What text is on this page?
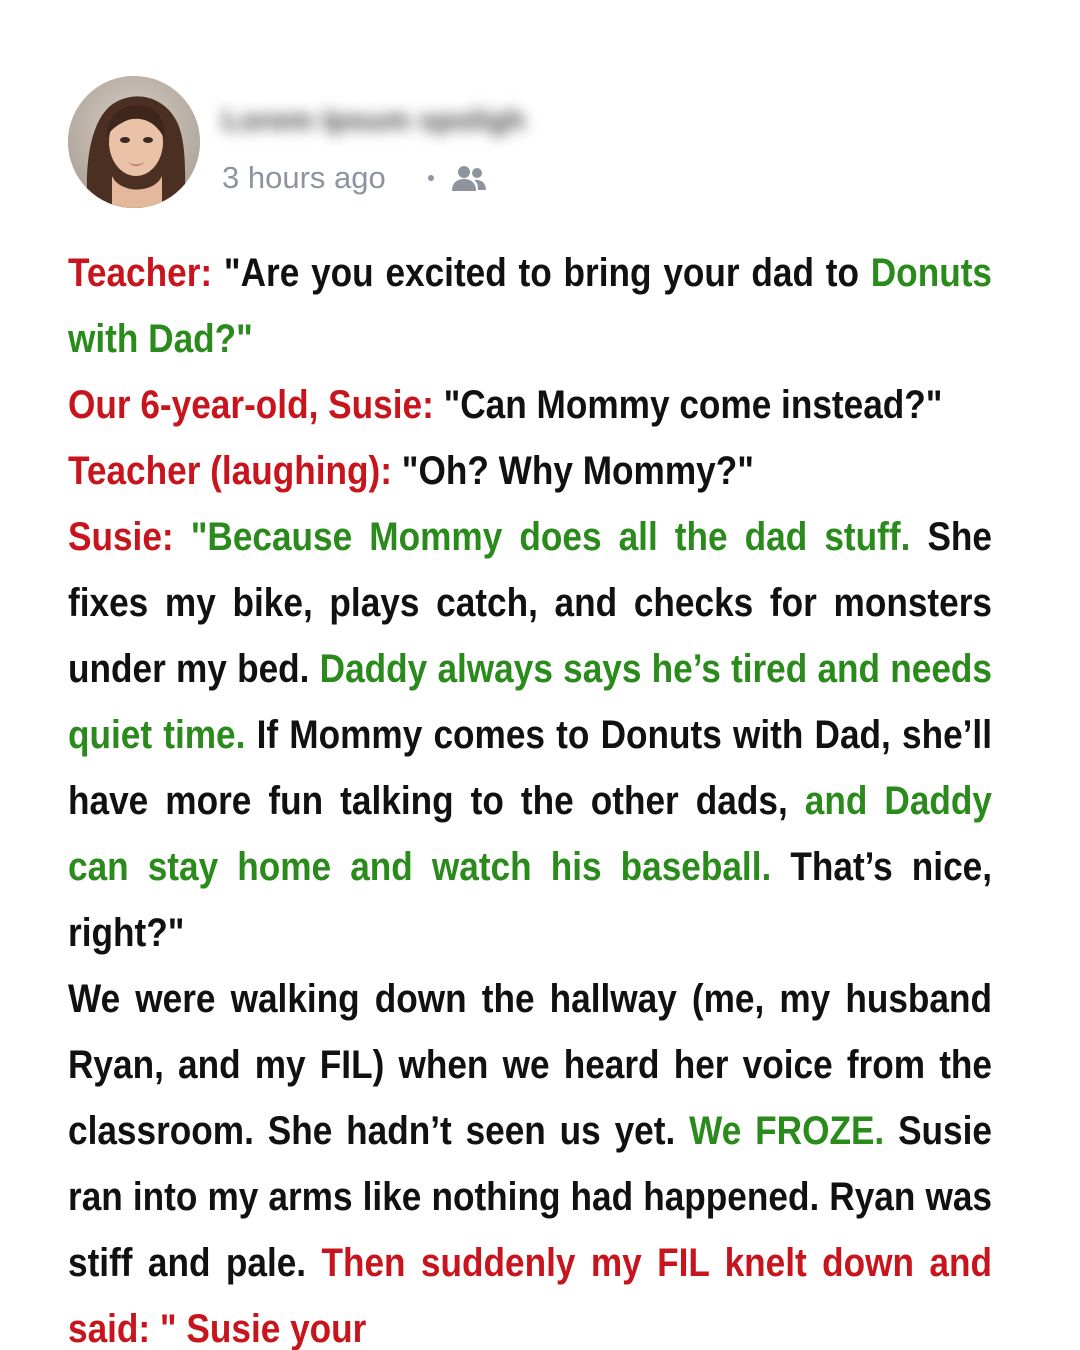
Lorem Ipsum spoligh
3 hours ago

Teacher: "Are you excited to bring your dad to Donuts with Dad?"

Our 6-year-old, Susie: "Can Mommy come instead?"

Teacher (laughing): "Oh? Why Mommy?"

Susie: "Because Mommy does all the dad stuff. She fixes my bike, plays catch, and checks for monsters under my bed. Daddy always says he’s tired and needs quiet time. If Mommy comes to Donuts with Dad, she’ll have more fun talking to the other dads, and Daddy can stay home and watch his baseball. That’s nice, right?"

We were walking down the hallway (me, my husband Ryan, and my FIL) when we heard her voice from the classroom. She hadn’t seen us yet. We FROZE. Susie ran into my arms like nothing had happened. Ryan was stiff and pale. Then suddenly my FIL knelt down and said: " Susie your
